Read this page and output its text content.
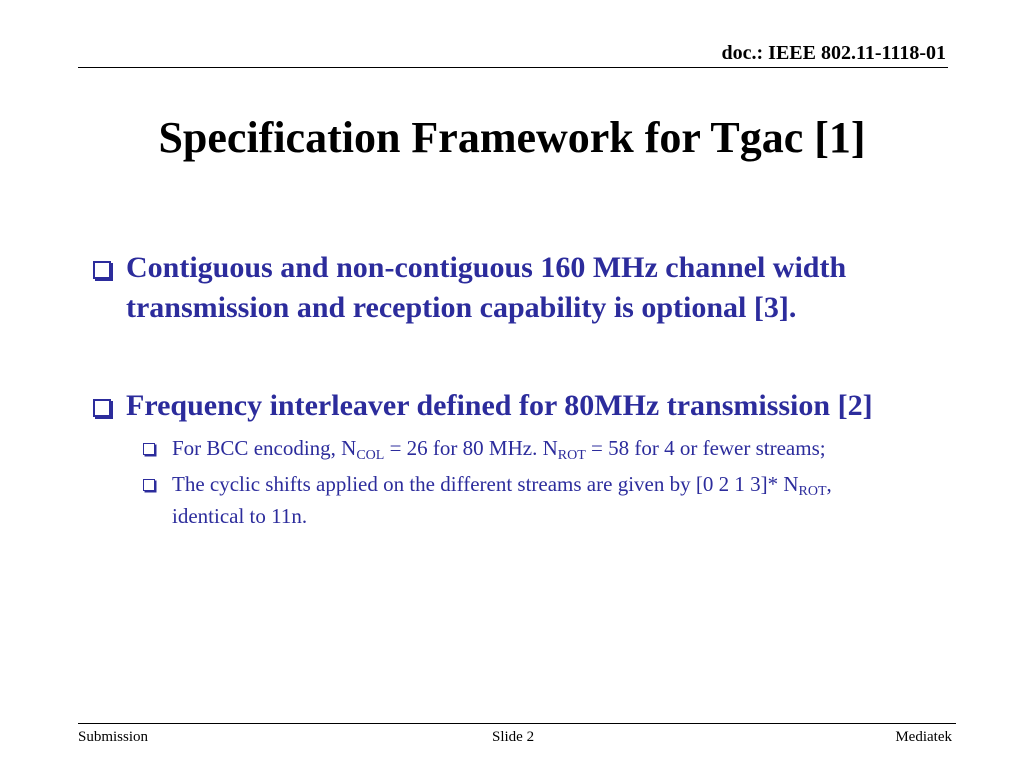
doc.: IEEE 802.11-1118-01
Specification Framework for Tgac [1]
Contiguous and non-contiguous 160 MHz channel width
transmission and reception capability is optional [3].
Frequency interleaver defined for 80MHz transmission [2]
For BCC encoding, $N_{COL} = 26$ for 80 MHz. $N_{ROT} = 58$ for 4 or fewer streams;
The cyclic shifts applied on the different streams are given by [0 2 1 3]* $N_{ROT}$,
identical to 11n.
Submission	Slide 2	Mediatek
